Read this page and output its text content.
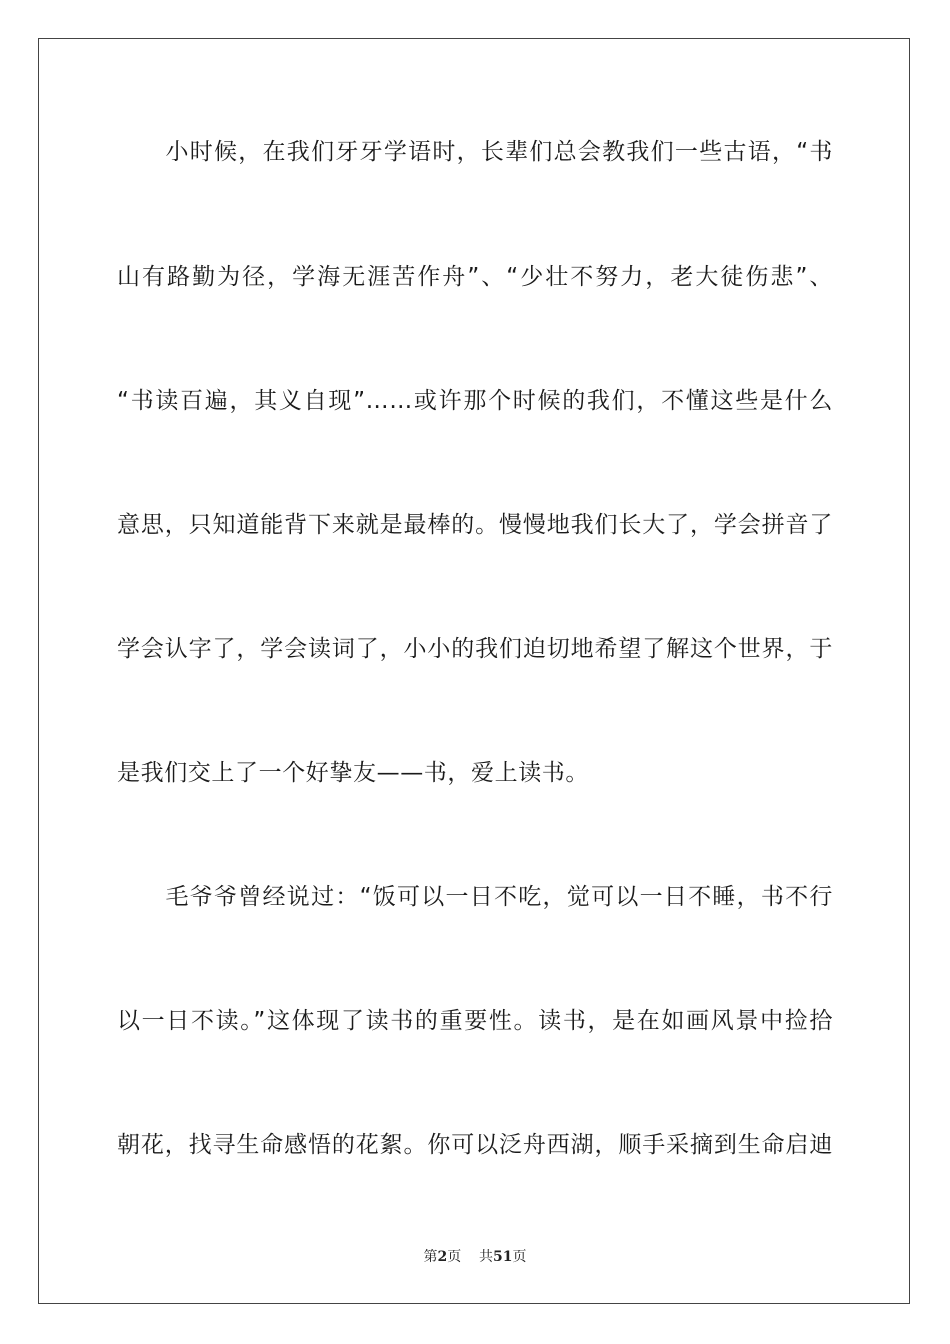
　　小时候，在我们牙牙学语时，长辈们总会教我们一些古语，“书
山有路勤为径，学海无涯苦作舟”、“少壮不努力，老大徒伤悲”、
“书读百遍，其义自现”……或许那个时候的我们，不懂这些是什么
意思，只知道能背下来就是最棒的。慢慢地我们长大了，学会拼音了
学会认字了，学会读词了，小小的我们迫切地希望了解这个世界，于
是我们交上了一个好挚友——书，爱上读书。
　　毛爷爷曾经说过：“饭可以一日不吃，觉可以一日不睡，书不行
以一日不读。”这体现了读书的重要性。读书，是在如画风景中捡拾
朝花，找寻生命感悟的花絮。你可以泛舟西湖，顺手采摘到生命启迪
第2页 共51页
